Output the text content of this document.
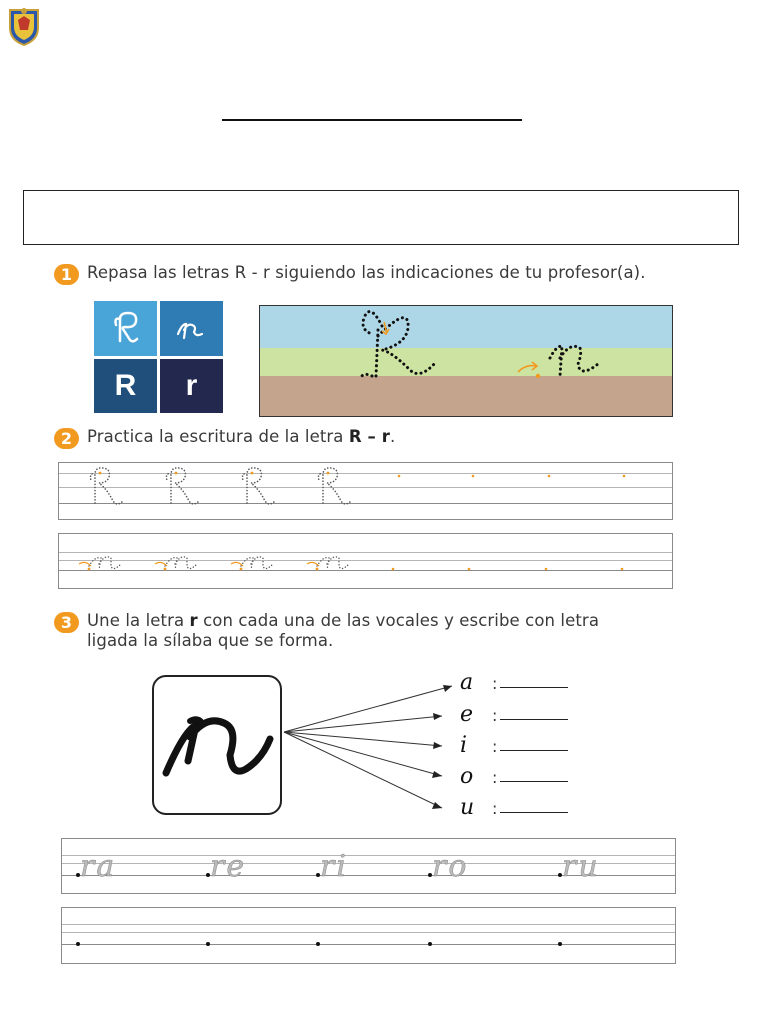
1 Repasa las letras R - r siguiendo las indicaciones de tu profesor(a).
R r
2 Practica la escritura de la letra R – r.
3 Une la letra r con cada una de las vocales y escribe con letra
ligada la sílaba que se forma.
a :
e :
i :
o :
u :
ra	re ri	ro	ru
